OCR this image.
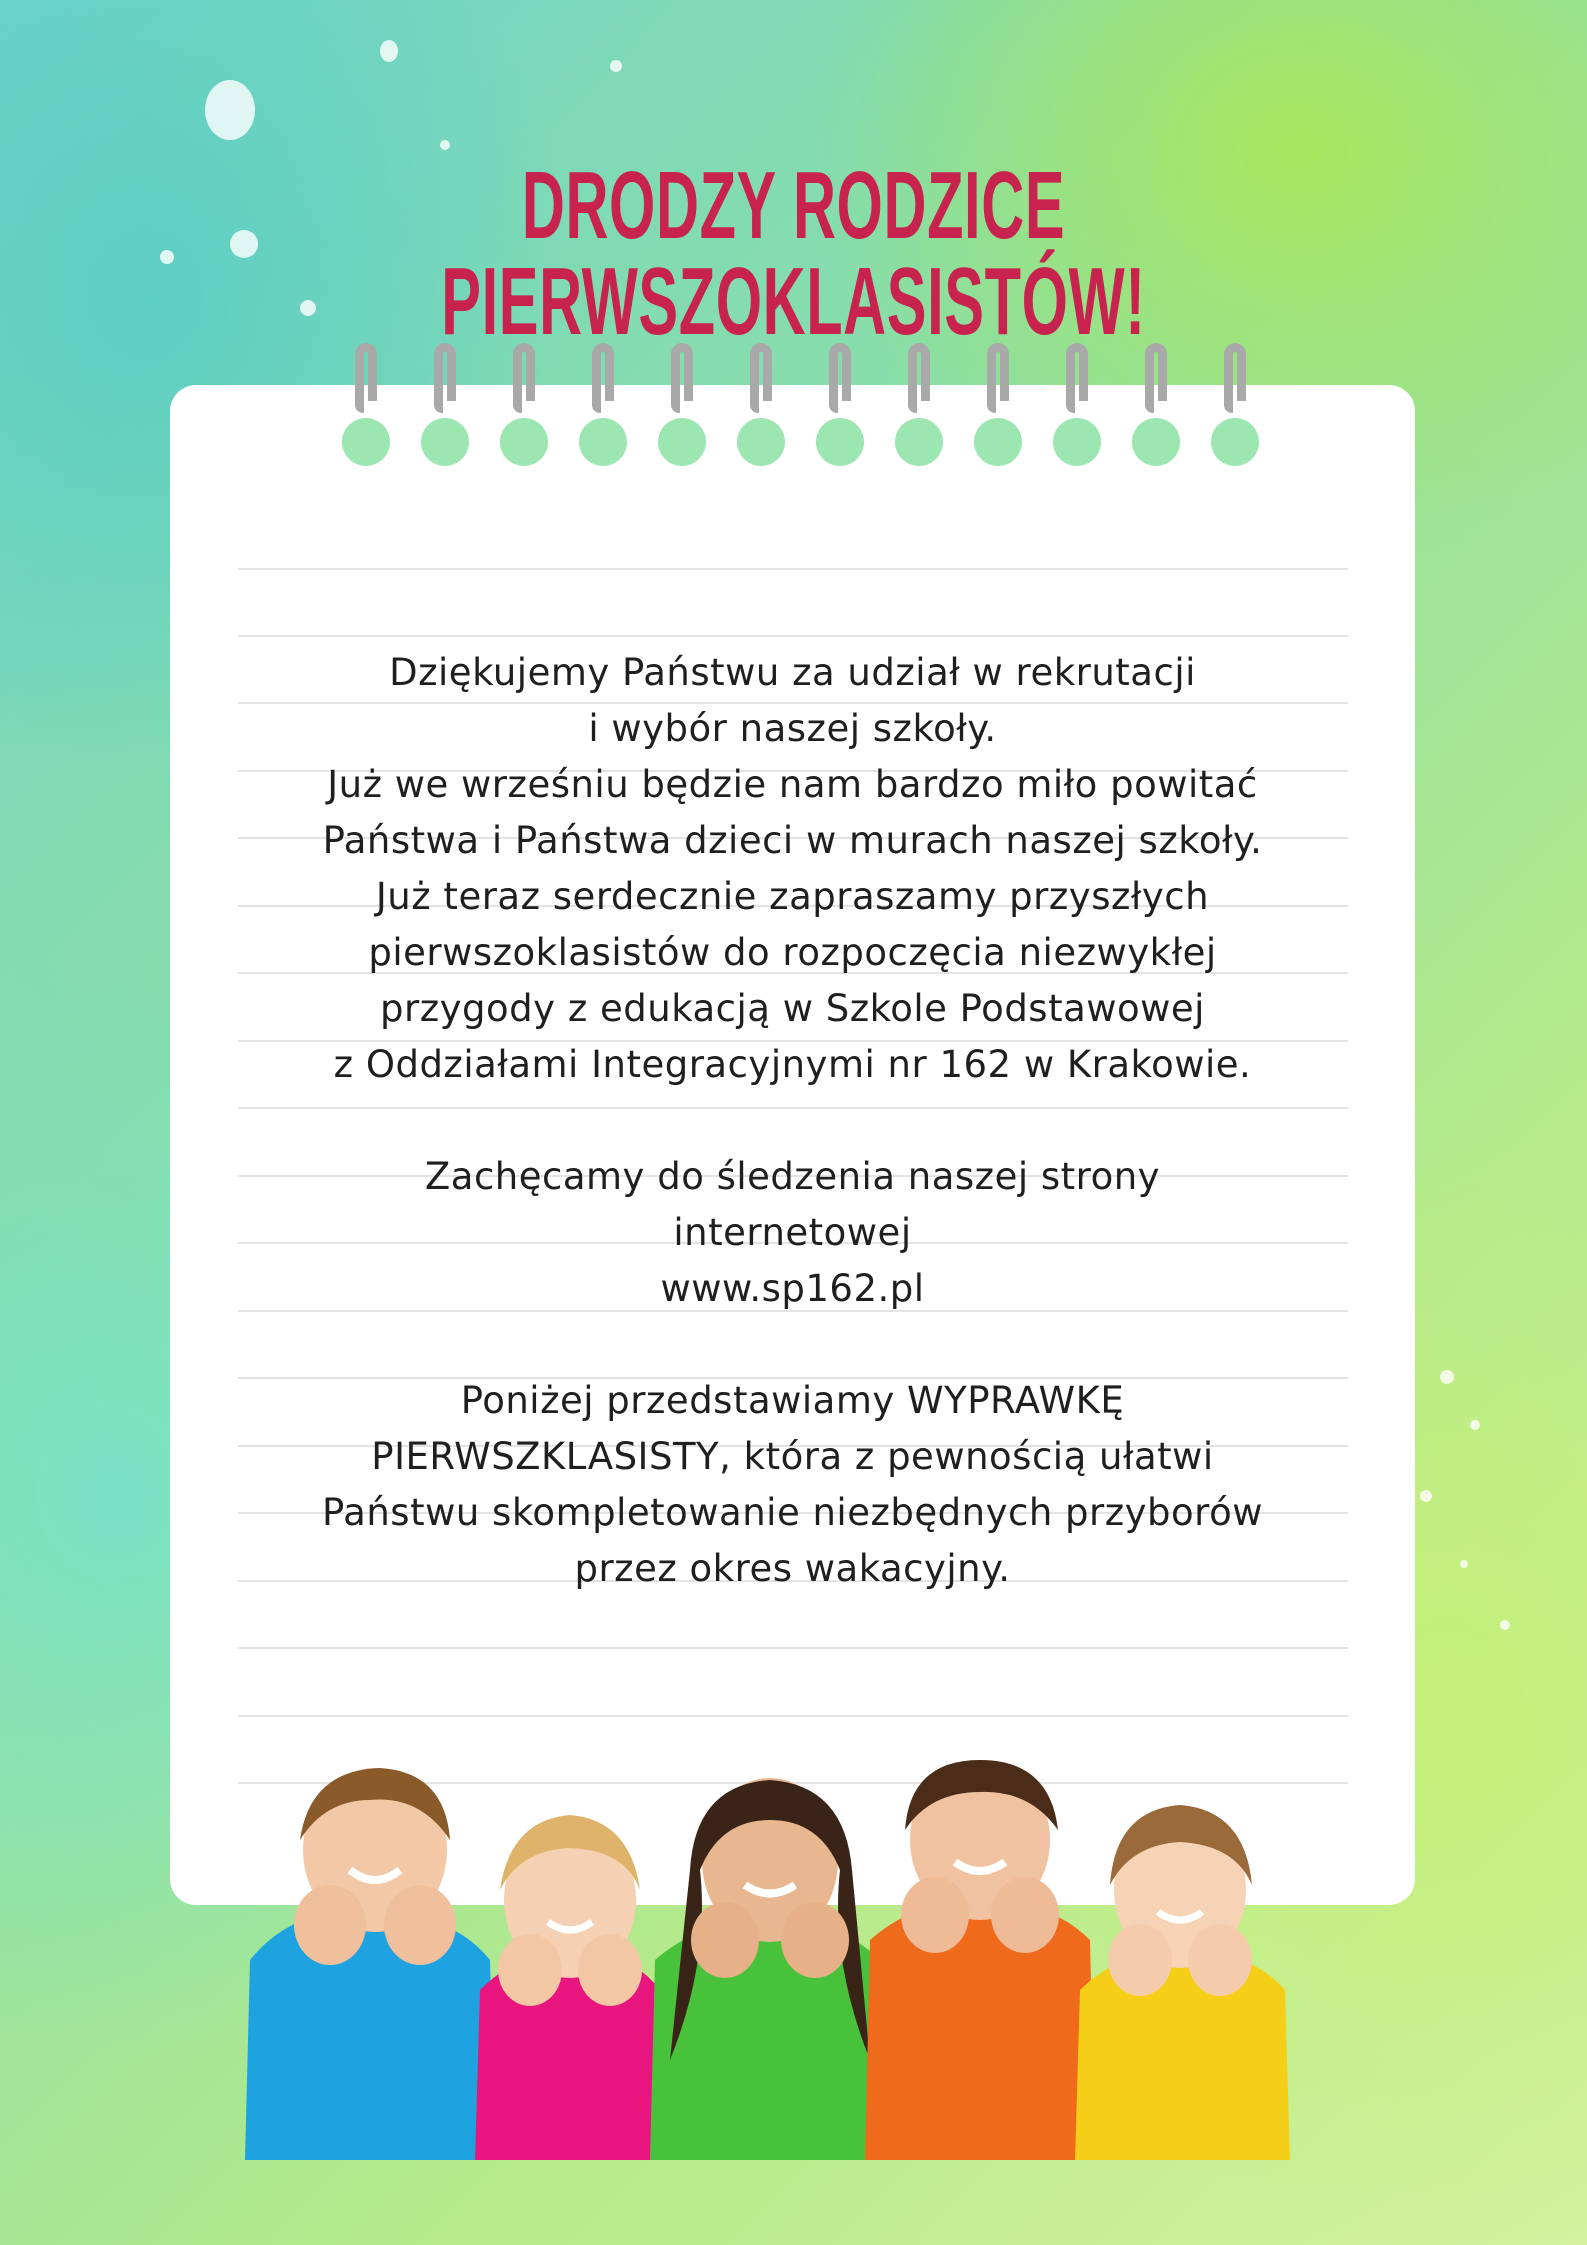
DRODZY RODZICE PIERWSZOKLASISTÓW!

Dziękujemy Państwu za udział w rekrutacji

i wybór naszej szkoły.

Już we wrześniu będzie nam bardzo miło powitać

Państwa i Państwa dzieci w murach naszej szkoły.

Już teraz serdecznie zapraszamy przyszłych

pierwszoklasistów do rozpoczęcia niezwykłej

przygody z edukacją w Szkole Podstawowej

z Oddziałami Integracyjnymi nr 162 w Krakowie.

Zachęcamy do śledzenia naszej strony

internetowej

www.sp162.pl

Poniżej przedstawiamy WYPRAWKĘ

PIERWSZKLASISTY, która z pewnością ułatwi

Państwu skompletowanie niezbędnych przyborów

przez okres wakacyjny.
